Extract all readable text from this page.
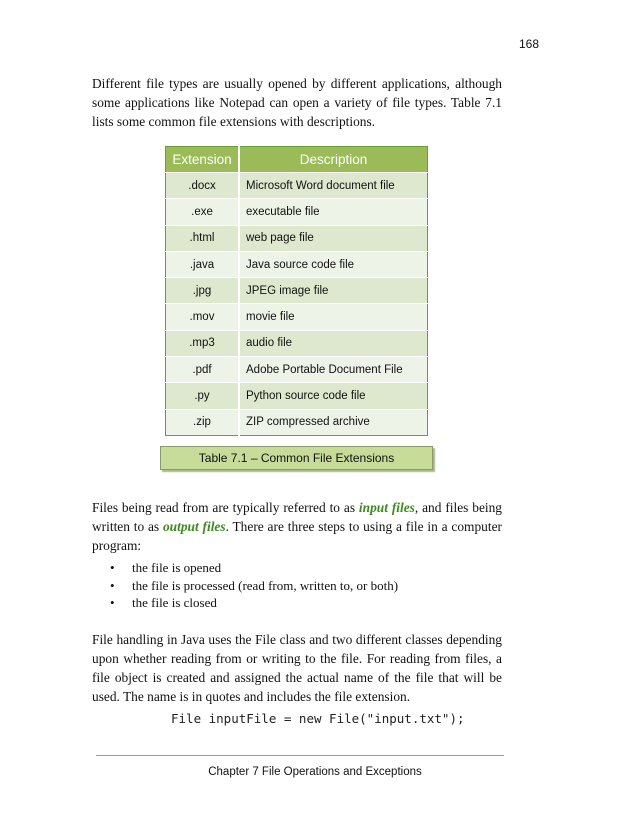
168

Different file types are usually opened by different applications, although some applications like Notepad can open a variety of file types. Table 7.1 lists some common file extensions with descriptions.

Extension	Description
.docx	Microsoft Word document file
.exe	executable file
.html	web page file
.java	Java source code file
.jpg	JPEG image file
.mov	movie file
.mp3	audio file
.pdf	Adobe Portable Document File
.py	Python source code file
.zip	ZIP compressed archive
Table 7.1 – Common File Extensions

Files being read from are typically referred to as input files, and files being written to as output files. There are three steps to using a file in a computer program:

• the file is opened
• the file is processed (read from, written to, or both)
• the file is closed

File handling in Java uses the File class and two different classes depending upon whether reading from or writing to the file. For reading from files, a file object is created and assigned the actual name of the file that will be used. The name is in quotes and includes the file extension.

File inputFile = new File("input.txt");
Chapter 7 File Operations and Exceptions
